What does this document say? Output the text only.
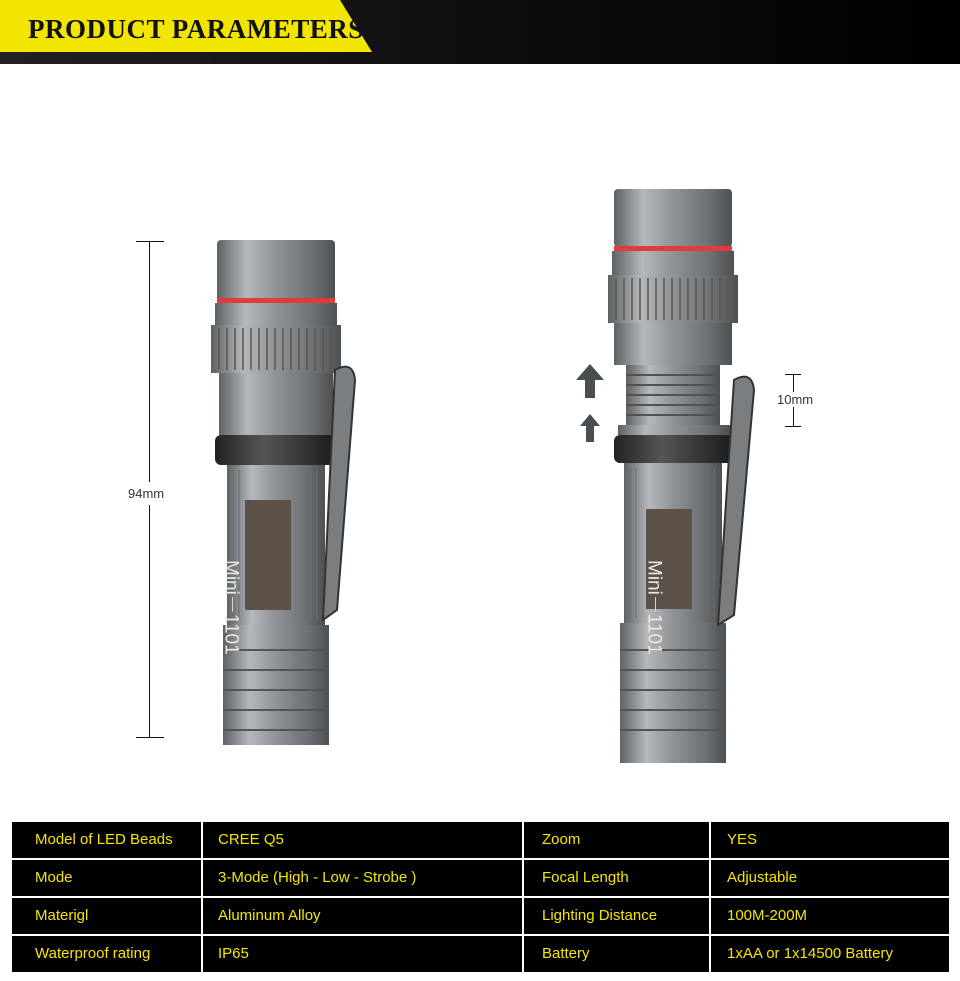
PRODUCT PARAMETERS
94mm
Mini－1101	Mini－1101
10mm
Model of LED Beads	CREE Q5	Zoom	YES
Mode	3-Mode (High - Low - Strobe )	Focal Length	Adjustable
Materigl	Aluminum Alloy	Lighting Distance	100M-200M
Waterproof rating	IP65	Battery	1xAA or 1x14500 Battery
